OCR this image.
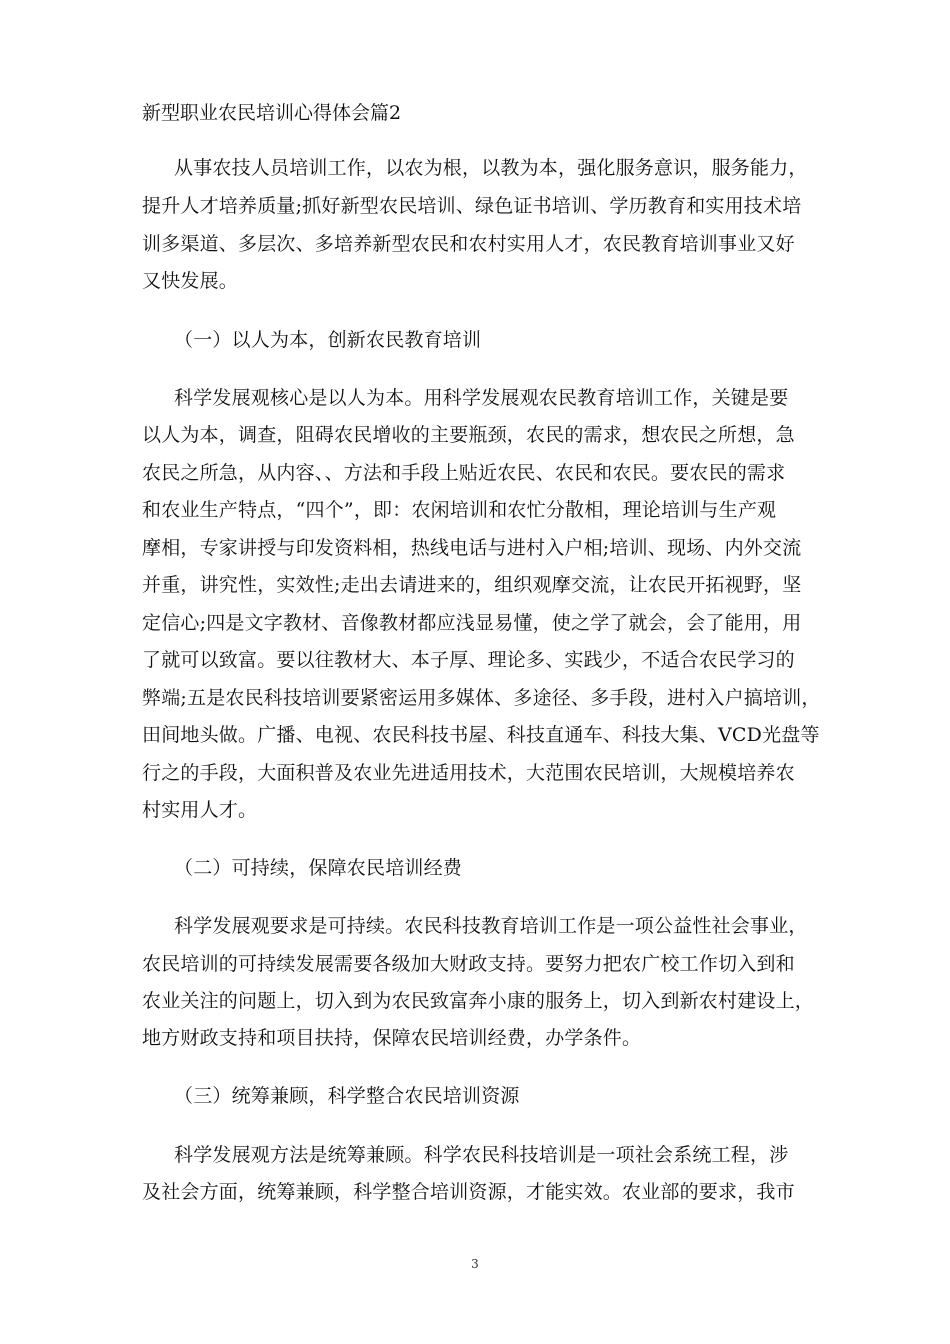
新型职业农民培训心得体会篇2
从事农技人员培训工作，以农为根，以教为本，强化服务意识，服务能力，
提升人才培养质量;抓好新型农民培训、绿色证书培训、学历教育和实用技术培
训多渠道、多层次、多培养新型农民和农村实用人才，农民教育培训事业又好
又快发展。
（一）以人为本，创新农民教育培训
科学发展观核心是以人为本。用科学发展观农民教育培训工作，关键是要
以人为本，调查，阻碍农民增收的主要瓶颈，农民的需求，想农民之所想，急
农民之所急，从内容、、方法和手段上贴近农民、农民和农民。要农民的需求
和农业生产特点，“四个”，即：农闲培训和农忙分散相，理论培训与生产观
摩相，专家讲授与印发资料相，热线电话与进村入户相;培训、现场、内外交流
并重，讲究性，实效性;走出去请进来的，组织观摩交流，让农民开拓视野，坚
定信心;四是文字教材、音像教材都应浅显易懂，使之学了就会，会了能用，用
了就可以致富。要以往教材大、本子厚、理论多、实践少，不适合农民学习的
弊端;五是农民科技培训要紧密运用多媒体、多途径、多手段，进村入户搞培训，
田间地头做。广播、电视、农民科技书屋、科技直通车、科技大集、VCD光盘等
行之的手段，大面积普及农业先进适用技术，大范围农民培训，大规模培养农
村实用人才。
（二）可持续，保障农民培训经费
科学发展观要求是可持续。农民科技教育培训工作是一项公益性社会事业，
农民培训的可持续发展需要各级加大财政支持。要努力把农广校工作切入到和
农业关注的问题上，切入到为农民致富奔小康的服务上，切入到新农村建设上，
地方财政支持和项目扶持，保障农民培训经费，办学条件。
（三）统筹兼顾，科学整合农民培训资源
科学发展观方法是统筹兼顾。科学农民科技培训是一项社会系统工程，涉
及社会方面，统筹兼顾，科学整合培训资源，才能实效。农业部的要求，我市
3
